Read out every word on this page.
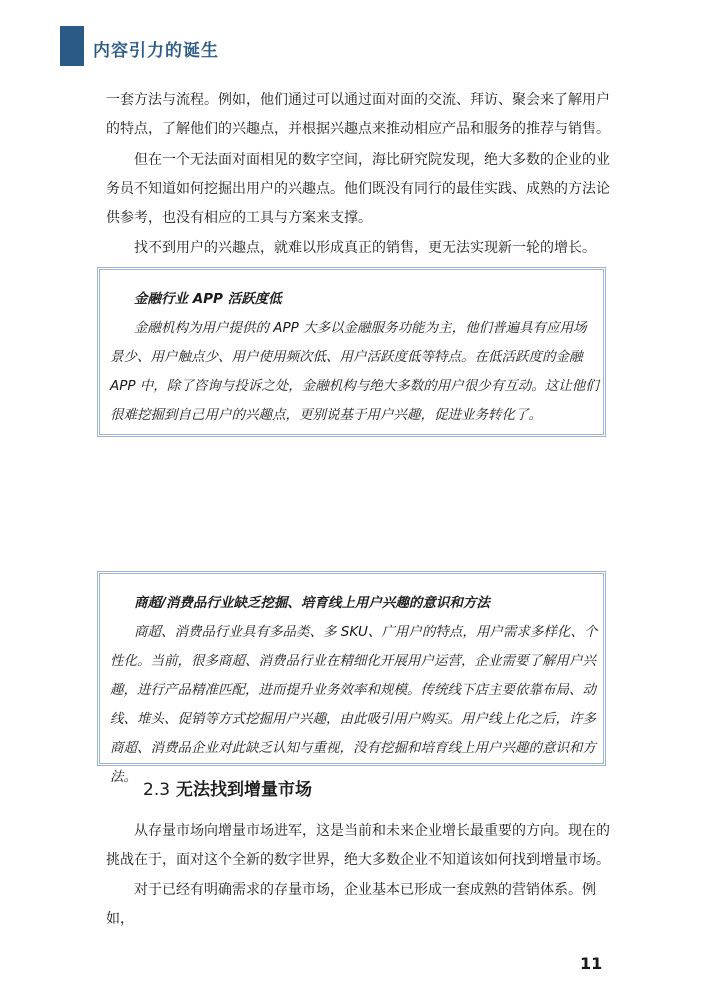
内容引力的诞生

一套方法与流程。例如，他们通过可以通过面对面的交流、拜访、聚会来了解用户的特点，了解他们的兴趣点，并根据兴趣点来推动相应产品和服务的推荐与销售。

但在一个无法面对面相见的数字空间，海比研究院发现，绝大多数的企业的业务员不知道如何挖掘出用户的兴趣点。他们既没有同行的最佳实践、成熟的方法论供参考，也没有相应的工具与方案来支撑。

找不到用户的兴趣点，就难以形成真正的销售，更无法实现新一轮的增长。

金融行业 APP 活跃度低

金融机构为用户提供的 APP 大多以金融服务功能为主，他们普遍具有应用场景少、用户触点少、用户使用频次低、用户活跃度低等特点。在低活跃度的金融 APP 中，除了咨询与投诉之处，金融机构与绝大多数的用户很少有互动。这让他们很难挖掘到自己用户的兴趣点，更别说基于用户兴趣，促进业务转化了。

商超/消费品行业缺乏挖掘、培育线上用户兴趣的意识和方法

商超、消费品行业具有多品类、多 SKU、广用户的特点，用户需求多样化、个性化。当前，很多商超、消费品行业在精细化开展用户运营，企业需要了解用户兴趣，进行产品精准匹配，进而提升业务效率和规模。传统线下店主要依靠布局、动线、堆头、促销等方式挖掘用户兴趣，由此吸引用户购买。用户线上化之后，许多商超、消费品企业对此缺乏认知与重视，没有挖掘和培育线上用户兴趣的意识和方法。

2.3 无法找到增量市场

从存量市场向增量市场进军，这是当前和未来企业增长最重要的方向。现在的挑战在于，面对这个全新的数字世界，绝大多数企业不知道该如何找到增量市场。

对于已经有明确需求的存量市场，企业基本已形成一套成熟的营销体系。例如，

11
